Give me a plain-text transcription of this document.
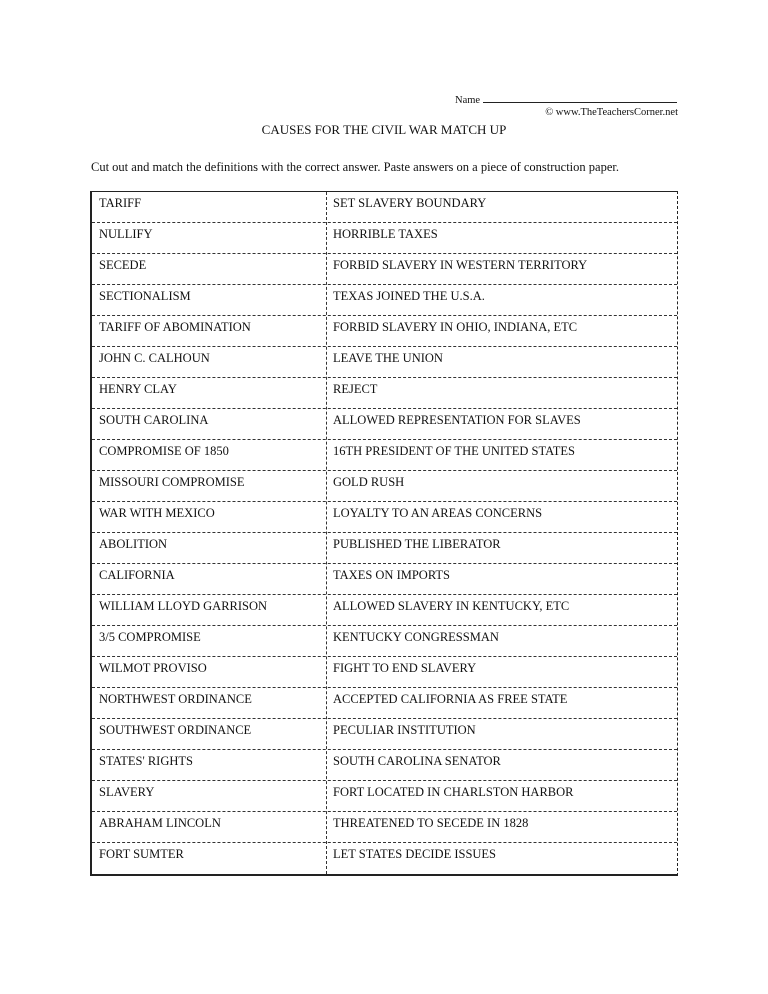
Name
© www.TheTeachersCorner.net
CAUSES FOR THE CIVIL WAR MATCH UP
Cut out and match the definitions with the correct answer. Paste answers on a piece of construction paper.
TARIFF	SET SLAVERY BOUNDARY
NULLIFY	HORRIBLE TAXES
SECEDE	FORBID SLAVERY IN WESTERN TERRITORY
SECTIONALISM	TEXAS JOINED THE U.S.A.
TARIFF OF ABOMINATION	FORBID SLAVERY IN OHIO, INDIANA, ETC
JOHN C. CALHOUN	LEAVE THE UNION
HENRY CLAY	REJECT
SOUTH CAROLINA	ALLOWED REPRESENTATION FOR SLAVES
COMPROMISE OF 1850	16TH PRESIDENT OF THE UNITED STATES
MISSOURI COMPROMISE	GOLD RUSH
WAR WITH MEXICO	LOYALTY TO AN AREAS CONCERNS
ABOLITION	PUBLISHED THE LIBERATOR
CALIFORNIA	TAXES ON IMPORTS
WILLIAM LLOYD GARRISON	ALLOWED SLAVERY IN KENTUCKY, ETC
3/5 COMPROMISE	KENTUCKY CONGRESSMAN
WILMOT PROVISO	FIGHT TO END SLAVERY
NORTHWEST ORDINANCE	ACCEPTED CALIFORNIA AS FREE STATE
SOUTHWEST ORDINANCE	PECULIAR INSTITUTION
STATES' RIGHTS	SOUTH CAROLINA SENATOR
SLAVERY	FORT LOCATED IN CHARLSTON HARBOR
ABRAHAM LINCOLN	THREATENED TO SECEDE IN 1828
FORT SUMTER	LET STATES DECIDE ISSUES
